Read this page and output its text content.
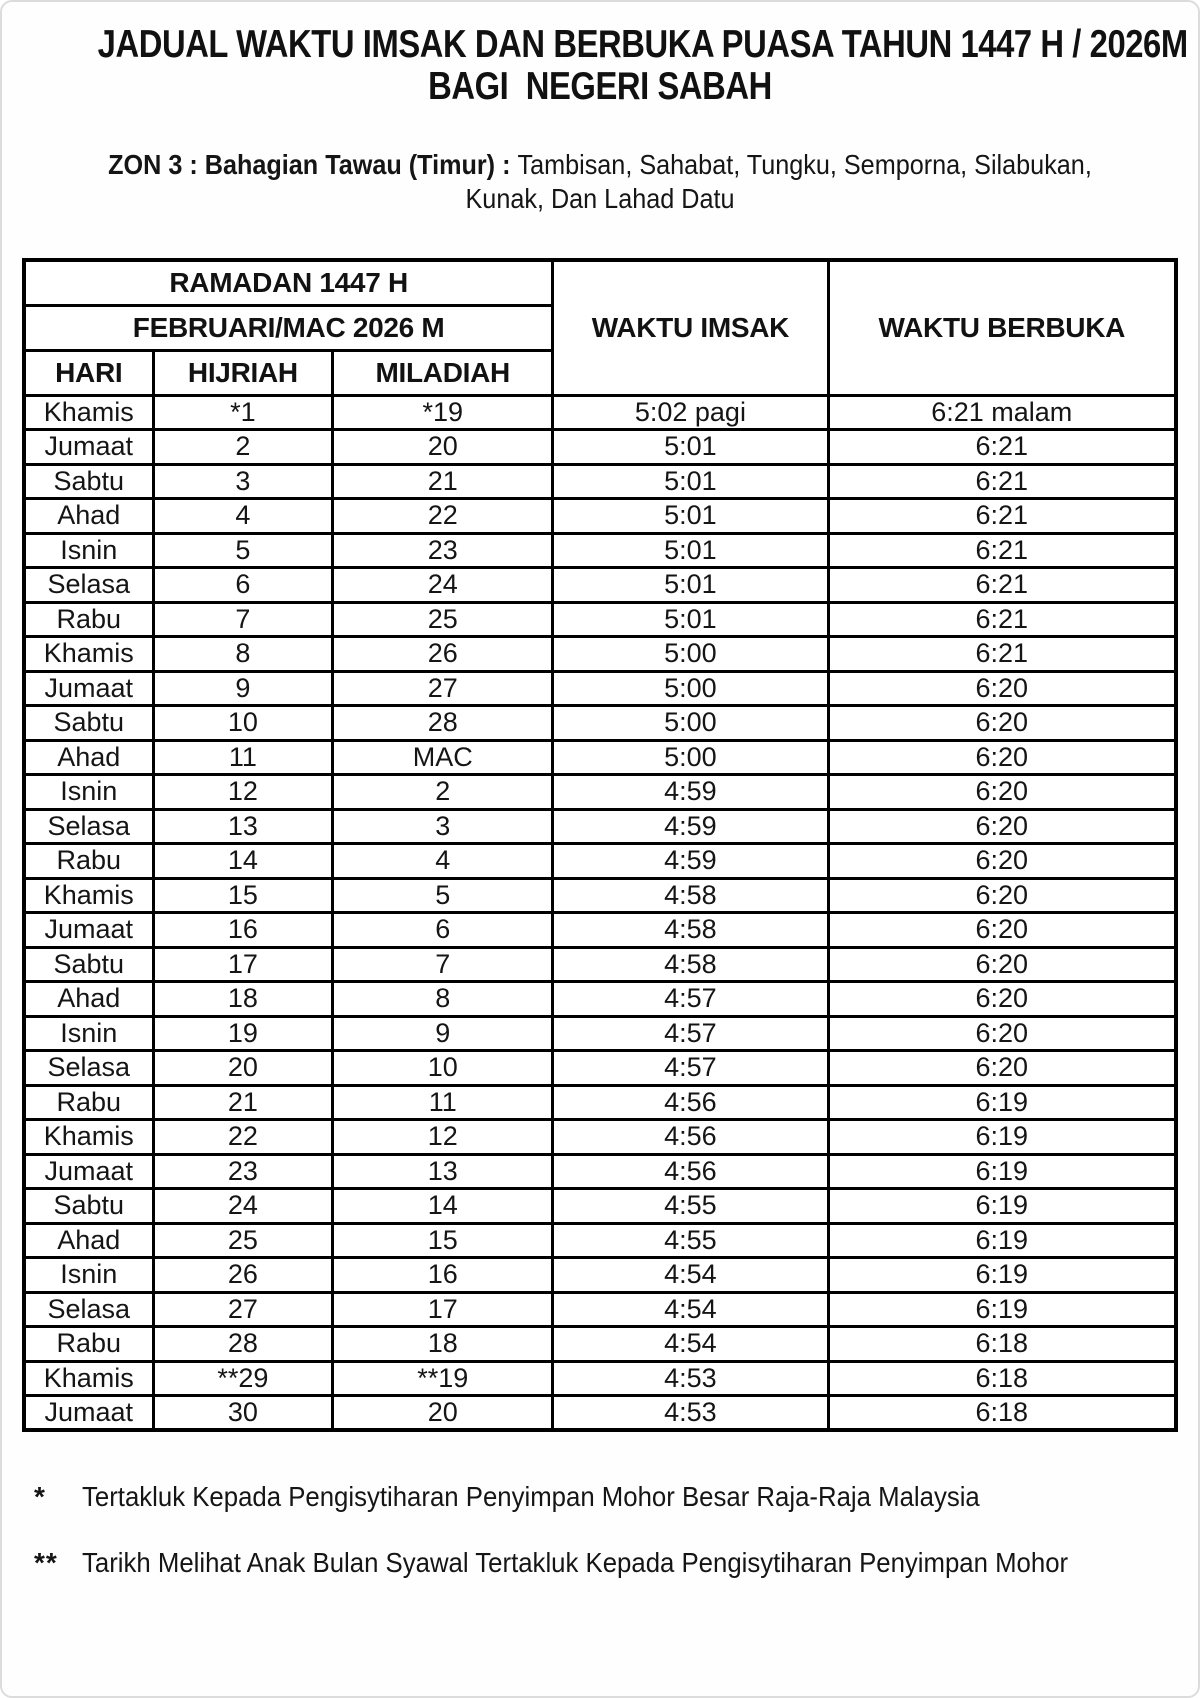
JADUAL WAKTU IMSAK DAN BERBUKA PUASA TAHUN 1447 H / 2026M
BAGI  NEGERI SABAH
ZON 3 : Bahagian Tawau (Timur) : Tambisan, Sahabat, Tungku, Semporna, Silabukan,
Kunak, Dan Lahad Datu
RAMADAN 1447 H			WAKTU IMSAK	WAKTU BERBUKA
FEBRUARI/MAC 2026 M				
HARI	HIJRIAH	MILADIAH		
Khamis	*1	*19	5:02 pagi	6:21 malam
Jumaat	2	20	5:01	6:21
Sabtu	3	21	5:01	6:21
Ahad	4	22	5:01	6:21
Isnin	5	23	5:01	6:21
Selasa	6	24	5:01	6:21
Rabu	7	25	5:01	6:21
Khamis	8	26	5:00	6:21
Jumaat	9	27	5:00	6:20
Sabtu	10	28	5:00	6:20
Ahad	11	MAC	5:00	6:20
Isnin	12	2	4:59	6:20
Selasa	13	3	4:59	6:20
Rabu	14	4	4:59	6:20
Khamis	15	5	4:58	6:20
Jumaat	16	6	4:58	6:20
Sabtu	17	7	4:58	6:20
Ahad	18	8	4:57	6:20
Isnin	19	9	4:57	6:20
Selasa	20	10	4:57	6:20
Rabu	21	11	4:56	6:19
Khamis	22	12	4:56	6:19
Jumaat	23	13	4:56	6:19
Sabtu	24	14	4:55	6:19
Ahad	25	15	4:55	6:19
Isnin	26	16	4:54	6:19
Selasa	27	17	4:54	6:19
Rabu	28	18	4:54	6:18
Khamis	**29	**19	4:53	6:18
Jumaat	30	20	4:53	6:18
*	Tertakluk Kepada Pengisytiharan Penyimpan Mohor Besar Raja-Raja Malaysia
** Tarikh Melihat Anak Bulan Syawal Tertakluk Kepada Pengisytiharan Penyimpan Mohor
